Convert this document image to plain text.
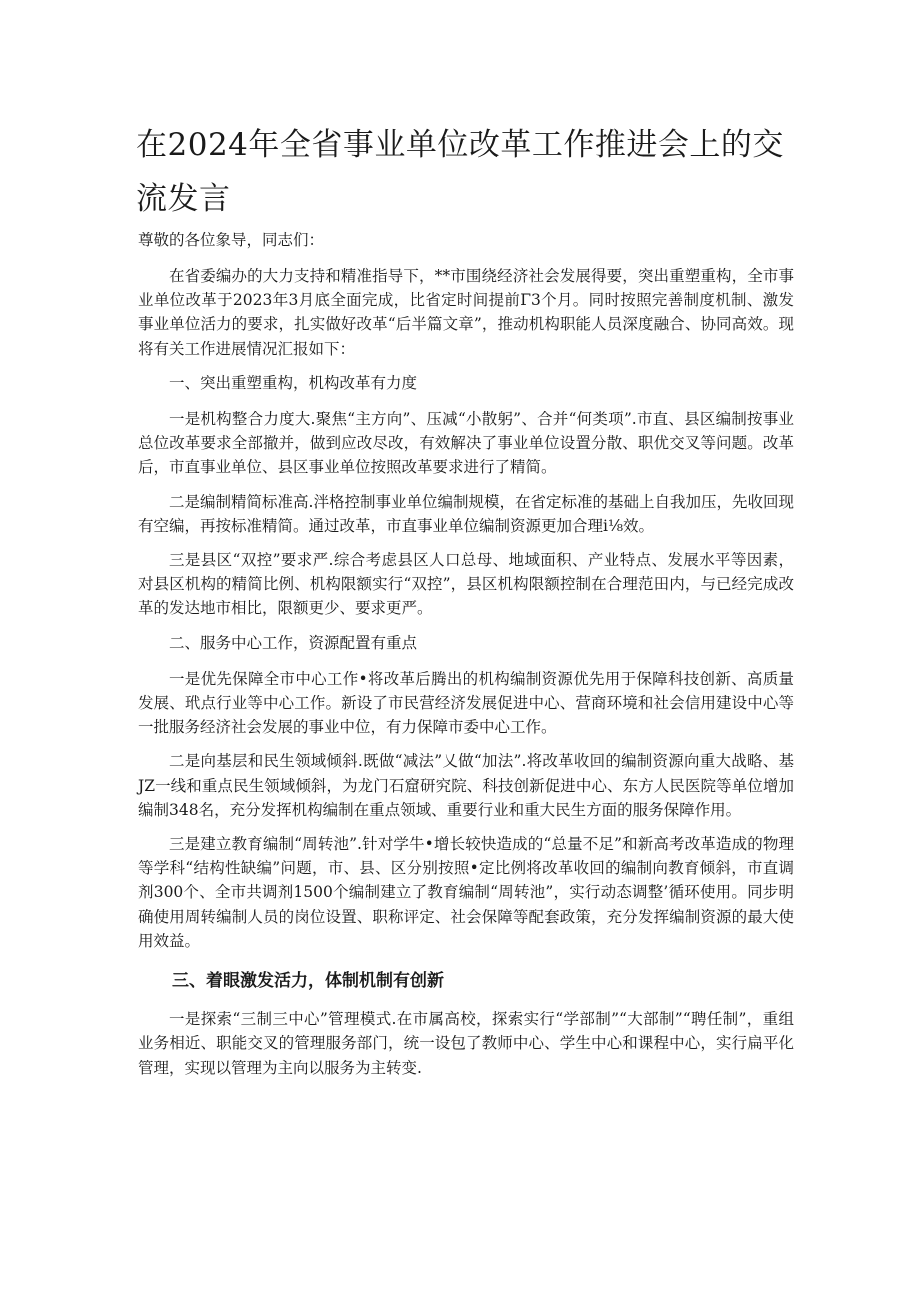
在2024年全省事业单位改革工作推进会上的交流发言

尊敬的各位象导，同志们：

在省委编办的大力支持和精准指导下，**市围绕经济社会发展得要，突出重塑重构，全市事业单位改革于2023年3月底全面完成，比省定时间提前Γ3个月。同时按照完善制度机制、激发事业单位活力的要求，扎实做好改革“后半篇文章”，推动机构职能人员深度融合、协同高效。现将有关工作进展情况汇报如下：

一、突出重塑重构，机构改革有力度

一是机构整合力度大.聚焦“主方向”、压减“小散躬”、合并“何类项”.市直、县区编制按事业总位改革要求全部撤并，做到应改尽改，有效解决了事业单位设置分散、职优交叉等问题。改革后，市直事业单位、县区事业单位按照改革要求进行了精简。

二是编制精简标准高.泮格控制事业单位编制规模，在省定标准的基础上自我加压，先收回现有空编，再按标准精简。通过改革，市直事业单位编制资源更加合理i⅛效。

三是县区“双控”要求严.综合考虑县区人口总母、地域面积、产业特点、发展水平等因素，对县区机构的精简比例、机构限额实行“双控”，县区机构限额控制在合理范田内，与已经完成改革的发达地市相比，限额更少、要求更严。

二、服务中心工作，资源配置有重点

一是优先保障全市中心工作•将改革后腾出的机构编制资源优先用于保障科技创新、高质量发展、玳点行业等中心工作。新设了市民营经济发展促进中心、营商环境和社会信用建设中心等一批服务经济社会发展的事业中位，有力保障市委中心工作。

二是向基层和民生领域倾斜.既做“减法”乂做“加法”.将改革收回的编制资源向重大战略、基JZ一线和重点民生领域倾斜，为龙门石窟研究院、科技创新促进中心、东方人民医院等单位增加编制348名，充分发挥机构编制在重点领域、重要行业和重大民生方面的服务保障作用。

三是建立教育编制“周转池”.针对学牛•增长较快造成的“总量不足”和新高考改革造成的物理等学科“结构性缺编”问题，市、县、区分别按照•定比例将改革收回的编制向教育倾斜，市直调剂300个、全市共调剂1500个编制建立了教育编制“周转池”，实行动态调整’循环使用。同步明确使用周转编制人员的岗位设置、职称评定、社会保障等配套政策，充分发挥编制资源的最大使用效益。

三、着眼激发活力，体制机制有创新

一是探索“三制三中心”管理模式.在市属高校，探索实行“学部制”“大部制”“聘任制”，重组业务相近、职能交叉的管理服务部门，统一设包了教师中心、学生中心和课程中心，实行扁平化管理，实现以管理为主向以服务为主转变.
